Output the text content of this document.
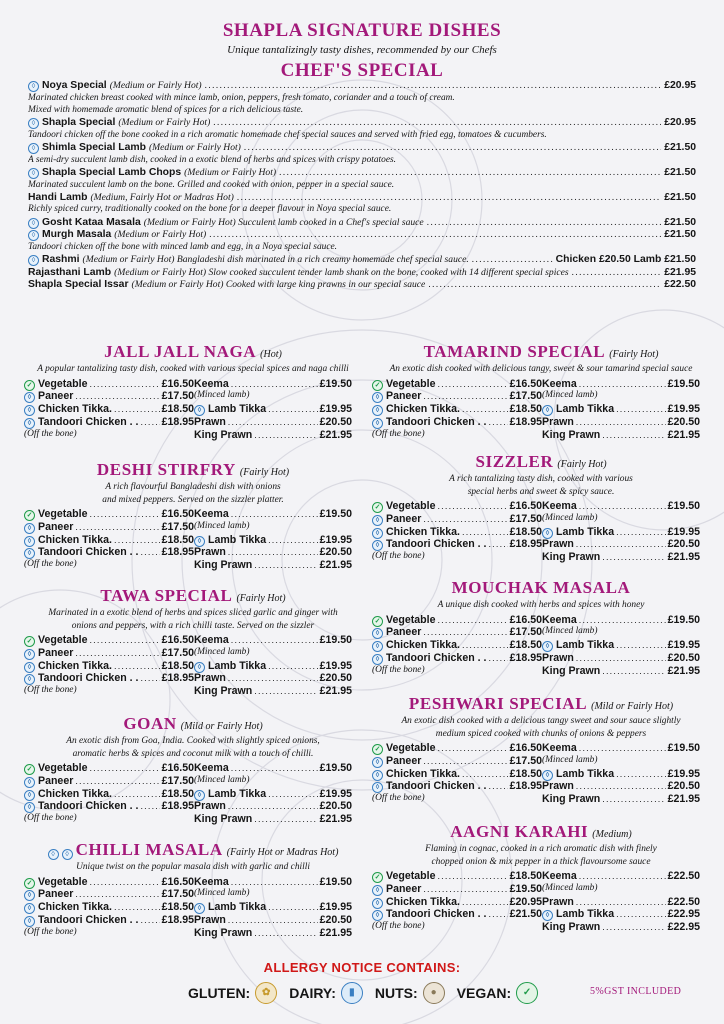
SHAPLA SIGNATURE DISHES
Unique tantalizingly tasty dishes, recommended by our Chefs
CHEF'S SPECIAL
◊ Noya Special (Medium or Fairly Hot) .....	£20.95
Marinated chicken breast cooked with mince lamb, onion, peppers, fresh tomato, coriander and a touch of cream.
Mixed with homemade aromatic blend of spices for a rich delicious taste.
◊ Shapla Special (Medium or Fairly Hot) .....	£20.95
Tandoori chicken off the bone cooked in a rich aromatic homemade chef special sauces and served with fried egg, tomatoes & cucumbers.
◊ Shimla Special Lamb (Medium or Fairly Hot) .....	£21.50
A semi-dry succulent lamb dish, cooked in a exotic blend of herbs and spices with crispy potatoes.
◊ Shapla Special Lamb Chops (Medium or Fairly Hot) .....	£21.50
Marinated succulent lamb on the bone. Grilled and cooked with onion, pepper in a special sauce.
Handi Lamb (Medium, Fairly Hot or Madras Hot) .....	£21.50
Richly spiced curry, traditionally cooked on the bone for a deeper flavour in Noya special sauce.
◊ Gosht Kataa Masala (Medium or Fairly Hot) Succulent lamb cooked in a Chef's special sauce .....	£21.50
◊ Murgh Masala (Medium or Fairly Hot) .....	£21.50
Tandoori chicken off the bone with minced lamb and egg, in a Noya special sauce.
◊ Rashmi (Medium or Fairly Hot) Bangladeshi dish marinated in a rich creamy homemade chef special sauce. .....	Chicken £20.50 Lamb £21.50
Rajasthani Lamb (Medium or Fairly Hot) Slow cooked succulent tender lamb shank on the bone, cooked with 14 different special spices .....	£21.95
Shapla Special Issar (Medium or Fairly Hot) Cooked with large king prawns in our special sauce .....	£22.50
JALL JALL NAGA (Hot)
A popular tantalizing tasty dish, cooked with various special spices and naga chilli
✓ Vegetable .....	£16.50
◊ Paneer .....	£17.50
◊ Chicken Tikka. .....	£18.50
◊ Tandoori Chicken . . ..... £18.95
(Off the bone)
Keema .....	£19.50
(Minced lamb)
◊ Lamb Tikka .....	£19.95
Prawn .....	£20.50
King Prawn .....	£21.95
DESHI STIRFRY (Fairly Hot)
A rich flavourful Bangladeshi dish with onions
and mixed peppers. Served on the sizzler platter.
✓ Vegetable .....	£16.50
◊ Paneer .....	£17.50
◊ Chicken Tikka. .....	£18.50
◊ Tandoori Chicken . . ..... £18.95
(Off the bone)
Keema .....	£19.50
(Minced lamb)
◊ Lamb Tikka .....	£19.95
Prawn .....	£20.50
King Prawn .....	£21.95
TAWA SPECIAL (Fairly Hot)
Marinated in a exotic blend of herbs and spices sliced garlic and ginger with
onions and peppers, with a rich chilli taste. Served on the sizzler
✓ Vegetable .....	£16.50
◊ Paneer .....	£17.50
◊ Chicken Tikka. .....	£18.50
◊ Tandoori Chicken . . ..... £18.95
(Off the bone)
Keema .....	£19.50
(Minced lamb)
◊ Lamb Tikka .....	£19.95
Prawn .....	£20.50
King Prawn .....	£21.95
GOAN (Mild or Fairly Hot)
An exotic dish from Goa, India. Cooked with slightly spiced onions,
aromatic herbs & spices and coconut milk with a touch of chilli.
✓ Vegetable .....	£16.50
◊ Paneer .....	£17.50
◊ Chicken Tikka. .....	£18.50
◊ Tandoori Chicken . . ..... £18.95
(Off the bone)
Keema .....	£19.50
(Minced lamb)
◊ Lamb Tikka .....	£19.95
Prawn .....	£20.50
King Prawn .....	£21.95
◊ ◊ CHILLI MASALA (Fairly Hot or Madras Hot)
Unique twist on the popular masala dish with garlic and chilli
✓ Vegetable .....	£16.50
◊ Paneer .....	£17.50
◊ Chicken Tikka. .....	£18.50
◊ Tandoori Chicken . . ..... £18.95
(Off the bone)
Keema .....	£19.50
(Minced lamb)
◊ Lamb Tikka .....	£19.95
Prawn .....	£20.50
King Prawn .....	£21.95
TAMARIND SPECIAL (Fairly Hot)
An exotic dish cooked with delicious tangy, sweet & sour tamarind special sauce
✓ Vegetable .....	£16.50
◊ Paneer .....	£17.50
◊ Chicken Tikka. .....	£18.50
◊ Tandoori Chicken . . ..... £18.95
(Off the bone)
Keema .....	£19.50
(Minced lamb)
◊ Lamb Tikka .....	£19.95
Prawn .....	£20.50
King Prawn .....	£21.95
SIZZLER (Fairly Hot)
A rich tantalizing tasty dish, cooked with various
special herbs and sweet & spicy sauce.
✓ Vegetable .....	£16.50
◊ Paneer .....	£17.50
◊ Chicken Tikka. .....	£18.50
◊ Tandoori Chicken . . ..... £18.95
(Off the bone)
Keema .....	£19.50
(Minced lamb)
◊ Lamb Tikka .....	£19.95
Prawn .....	£20.50
King Prawn .....	£21.95
MOUCHAK MASALA
A unique dish cooked with herbs and spices with honey
✓ Vegetable .....	£16.50
◊ Paneer .....	£17.50
◊ Chicken Tikka. .....	£18.50
◊ Tandoori Chicken . . ..... £18.95
(Off the bone)
Keema .....	£19.50
(Minced lamb)
◊ Lamb Tikka .....	£19.95
Prawn .....	£20.50
King Prawn .....	£21.95
PESHWARI SPECIAL (Mild or Fairly Hot)
An exotic dish cooked with a delicious tangy sweet and sour sauce slightly
medium spiced cooked with chunks of onions & peppers
✓ Vegetable .....	£16.50
◊ Paneer .....	£17.50
◊ Chicken Tikka. .....	£18.50
◊ Tandoori Chicken . . ..... £18.95
(Off the bone)
Keema .....	£19.50
(Minced lamb)
◊ Lamb Tikka .....	£19.95
Prawn .....	£20.50
King Prawn .....	£21.95
AAGNI KARAHI (Medium)
Flaming in cognac, cooked in a rich aromatic dish with finely
chopped onion & mix pepper in a thick flavoursome sauce
✓ Vegetable .....	£18.50
◊ Paneer .....	£19.50
◊ Chicken Tikka. .....	£20.95
◊ Tandoori Chicken . . ..... £21.50
(Off the bone)
Keema .....	£22.50
(Minced lamb)
Prawn .....	£22.50
◊ Lamb Tikka .....	£22.95
King Prawn .....	£22.95
ALLERGY NOTICE CONTAINS:
GLUTEN:	✿	DAIRY:	▮	NUTS:	●	VEGAN:	✓	5%GST INCLUDED
